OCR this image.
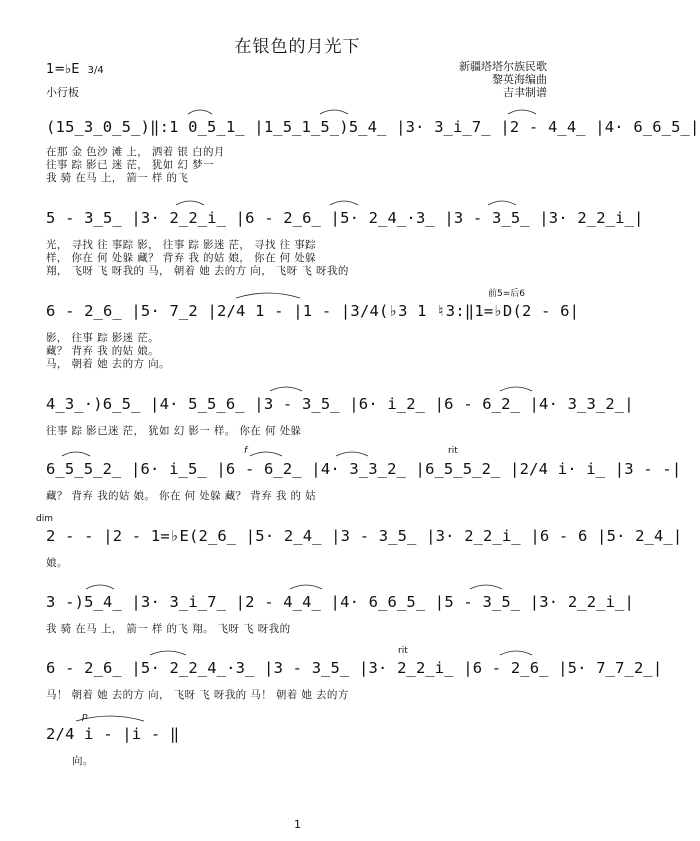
在银色的月光下
1=♭E 3/4
小行板
新疆塔塔尔族民歌
黎英海编曲
吉聿制谱
(15̲3̲0̲5̲)‖:1 0̲5̲1̲ |1̲5̲1̲5̲)5̲4̲ |3· 3̲i̲7̲ |2 - 4̲4̲ |4· 6̲6̲5̲|
在那 金 色沙 滩 上， 洒着 银 白的月
往事 踪 影已 迷 茫， 犹如 幻 梦一
我 骑 在马 上， 箭一 样 的飞
5 - 3̲5̲ |3· 2̲2̲i̲ |6 - 2̲6̲ |5· 2̲4̲·3̲ |3 - 3̲5̲ |3· 2̲2̲i̲|
光， 寻找 往 事踪 影， 往事 踪 影迷 茫， 寻找 往 事踪
样， 你在 何 处躲 藏？ 背弃 我 的姑 娘， 你在 何 处躲
翔， 飞呀 飞 呀我的 马， 朝着 她 去的方 向， 飞呀 飞 呀我的
前5=后6
6 - 2̲6̲ |5· 7̲2 |2/4 1 - |1 - |3/4(♭3 1 ♮3:‖1=♭D(2 - 6|
影， 往事 踪 影迷 茫。
藏？ 背弃 我 的姑 娘。
马， 朝着 她 去的方 向。
4̲3̲·)6̲5̲ |4· 5̲5̲6̲ |3 - 3̲5̲ |6· i̲2̲ |6 - 6̲2̲ |4· 3̲3̲2̲|
往事 踪 影已迷 茫， 犹如 幻 影一 样。 你在 何 处躲
f	rit
6̲5̲5̲2̲ |6· i̲5̲ |6 - 6̲2̲ |4· 3̲3̲2̲ |6̲5̲5̲2̲ |2/4 i· i̲ |3 - -|
藏？ 背弃 我的姑 娘。 你在 何 处躲 藏？ 背弃 我 的 姑
dim
2 - - |2 - 1=♭E(2̲6̲ |5· 2̲4̲ |3 - 3̲5̲ |3· 2̲2̲i̲ |6 - 6 |5· 2̲4̲|
娘。
3 -)5̲4̲ |3· 3̲i̲7̲ |2 - 4̲4̲ |4· 6̲6̲5̲ |5 - 3̲5̲ |3· 2̲2̲i̲|
我 骑 在马 上， 箭一 样 的飞 翔。 飞呀 飞 呀我的
rit
6 - 2̲6̲ |5· 2̲2̲4̲·3̲ |3 - 3̲5̲ |3· 2̲2̲i̲ |6 - 2̲6̲ |5· 7̲7̲2̲|
马！ 朝着 她 去的方 向， 飞呀 飞 呀我的 马！ 朝着 她 去的方
p
2/4 i - |i - ‖
向。
1
